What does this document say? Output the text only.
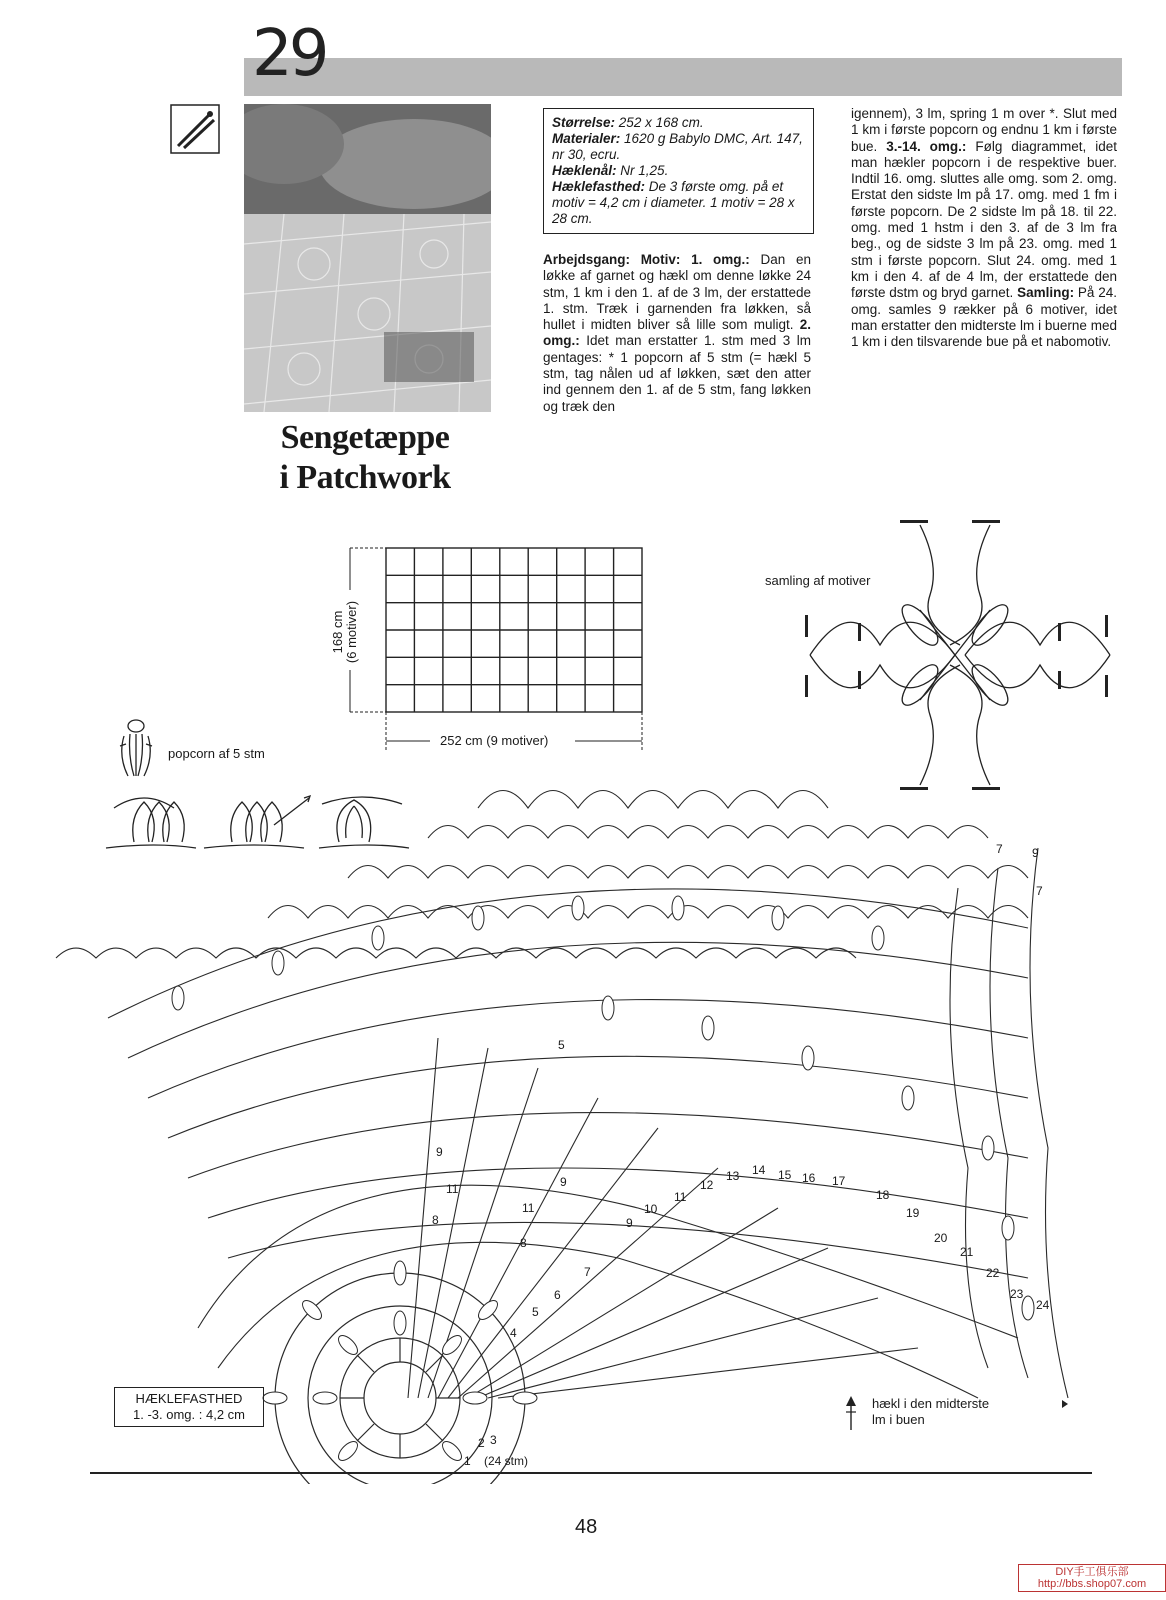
29
Sengetæppe
i Patchwork
Størrelse: 252 x 168 cm.
Materialer: 1620 g Babylo DMC, Art. 147, nr 30, ecru.
Hæklenål: Nr 1,25.
Hæklefasthed: De 3 første omg. på et motiv = 4,2 cm i diameter. 1 motiv = 28 x 28 cm.
Arbejdsgang: Motiv: 1. omg.: Dan en løkke af garnet og hækl om denne løkke 24 stm, 1 km i den 1. af de 3 lm, der erstattede 1. stm. Træk i garnenden fra løkken, så hullet i midten bliver så lille som muligt. 2. omg.: Idet man erstatter 1. stm med 3 lm gentages: * 1 popcorn af 5 stm (= hækl 5 stm, tag nålen ud af løkken, sæt den atter ind gennem den 1. af de 5 stm, fang løkken og træk den
igennem), 3 lm, spring 1 m over *. Slut med 1 km i første popcorn og endnu 1 km i første bue. 3.-14. omg.: Følg diagrammet, idet man hækler popcorn i de respektive buer. Indtil 16. omg. sluttes alle omg. som 2. omg. Erstat den sidste lm på 17. omg. med 1 fm i første popcorn. De 2 sidste lm på 18. til 22. omg. med 1 hstm i den 3. af de 3 lm fra beg., og de sidste 3 lm på 23. omg. med 1 stm i første popcorn. Slut 24. omg. med 1 km i den 4. af de 4 lm, der erstattede den første dstm og bryd garnet. Samling: På 24. omg. samles 9 rækker på 6 motiver, idet man erstatter den midterste lm i buerne med 1 km i den tilsvarende bue på et nabomotiv.
168 cm (6 motiver)
252 cm (9 motiver)
samling af motiver
popcorn af 5 stm
1 (24 stm)
2 3
4
5
5
6
7
7
7
8
8
9
9
9
9
10
11
11
11
12
13 14 15 16 17
18
19
20
21
22
23
24
HÆKLEFASTHED
1. -3. omg. : 4,2 cm
hækl i den midterste
lm i buen
48
DIY手工俱乐部
http://bbs.shop07.com
